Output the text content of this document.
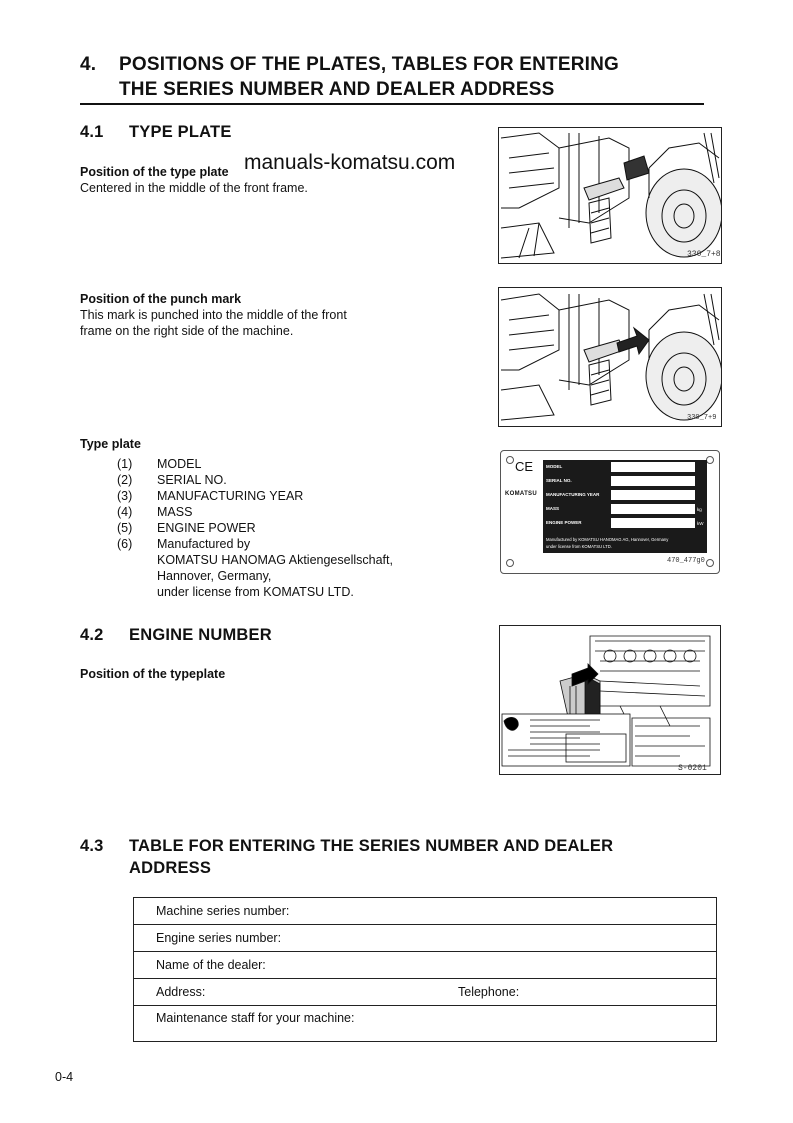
4. POSITIONS OF THE PLATES, TABLES FOR ENTERING
THE SERIES NUMBER AND DEALER ADDRESS
4.1 TYPE PLATE
Position of the type plate
Centered in the middle of the front frame.
manuals-komatsu.com
330_7+8
Position of the punch mark
This mark is punched into the middle of the front
frame on the right side of the machine.
330_7+9
Type plate
(1) MODEL
(2) SERIAL NO.
(3) MANUFACTURING YEAR
(4) MASS
(5) ENGINE POWER
(6) Manufactured by
KOMATSU HANOMAG Aktiengesellschaft,
Hannover, Germany,
under license from KOMATSU LTD.
CE
KOMATSU
MODEL
SERIAL NO.
MANUFACTURING YEAR
MASS	kg
ENGINE POWER	kW
Manufactured by KOMATSU HANOMAG AG, Hannover, Germany
under license from KOMATSU LTD.
470_477g0
4.2 ENGINE NUMBER
Position of the typeplate
S-0201
4.3 TABLE FOR ENTERING THE SERIES NUMBER AND DEALER
ADDRESS
Machine series number:
Engine series number:
Name of the dealer:
Address:	Telephone:

Maintenance staff for your machine:
0-4
